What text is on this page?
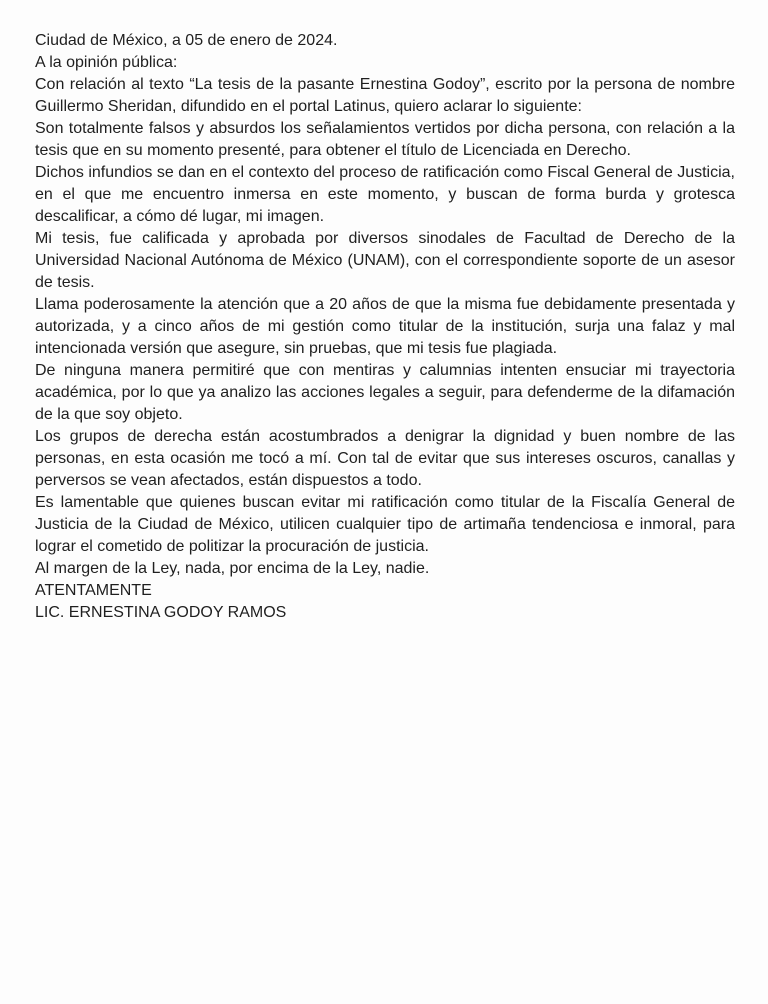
Ciudad de México, a 05 de enero de 2024.

A la opinión pública:

Con relación al texto “La tesis de la pasante Ernestina Godoy”, escrito por la persona de nombre Guillermo Sheridan, difundido en el portal Latinus, quiero aclarar lo siguiente:

Son totalmente falsos y absurdos los señalamientos vertidos por dicha persona, con relación a la tesis que en su momento presenté, para obtener el título de Licenciada en Derecho.

Dichos infundios se dan en el contexto del proceso de ratificación como Fiscal General de Justicia, en el que me encuentro inmersa en este momento, y buscan de forma burda y grotesca descalificar, a cómo dé lugar, mi imagen.

Mi tesis, fue calificada y aprobada por diversos sinodales de Facultad de Derecho de la Universidad Nacional Autónoma de México (UNAM), con el correspondiente soporte de un asesor de tesis.

Llama poderosamente la atención que a 20 años de que la misma fue debidamente presentada y autorizada, y a cinco años de mi gestión como titular de la institución, surja una falaz y mal intencionada versión que asegure, sin pruebas, que mi tesis fue plagiada.

De ninguna manera permitiré que con mentiras y calumnias intenten ensuciar mi trayectoria académica, por lo que ya analizo las acciones legales a seguir, para defenderme de la difamación de la que soy objeto.

Los grupos de derecha están acostumbrados a denigrar la dignidad y buen nombre de las personas, en esta ocasión me tocó a mí. Con tal de evitar que sus intereses oscuros, canallas y perversos se vean afectados, están dispuestos a todo.

Es lamentable que quienes buscan evitar mi ratificación como titular de la Fiscalía General de Justicia de la Ciudad de México, utilicen cualquier tipo de artimaña tendenciosa e inmoral, para lograr el cometido de politizar la procuración de justicia.

Al margen de la Ley, nada, por encima de la Ley, nadie.

ATENTAMENTE

LIC. ERNESTINA GODOY RAMOS
